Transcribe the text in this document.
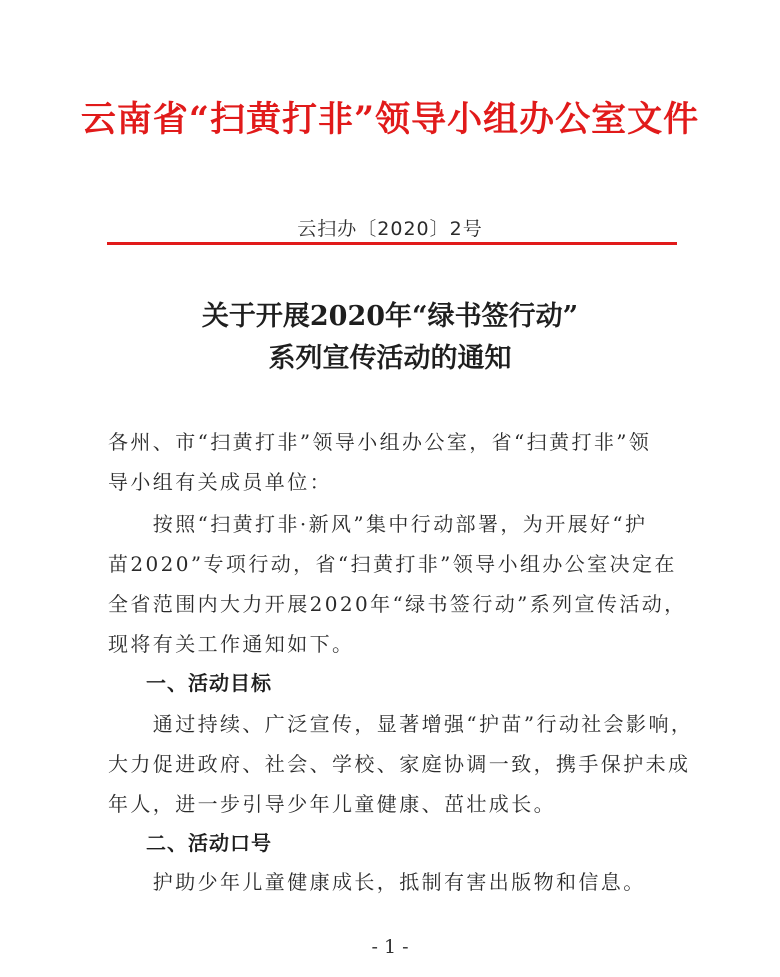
云南省“扫黄打非”领导小组办公室文件
云扫办〔2020〕2号
关于开展2020年“绿书签行动”
系列宣传活动的通知
各州、市“扫黄打非”领导小组办公室，省“扫黄打非”领
导小组有关成员单位：
　　按照“扫黄打非·新风”集中行动部署，为开展好“护
苗2020”专项行动，省“扫黄打非”领导小组办公室决定在
全省范围内大力开展2020年“绿书签行动”系列宣传活动，
现将有关工作通知如下。
一、活动目标
　　通过持续、广泛宣传，显著增强“护苗”行动社会影响，
大力促进政府、社会、学校、家庭协调一致，携手保护未成
年人，进一步引导少年儿童健康、茁壮成长。
二、活动口号
　　护助少年儿童健康成长，抵制有害出版物和信息。
- 1 -
